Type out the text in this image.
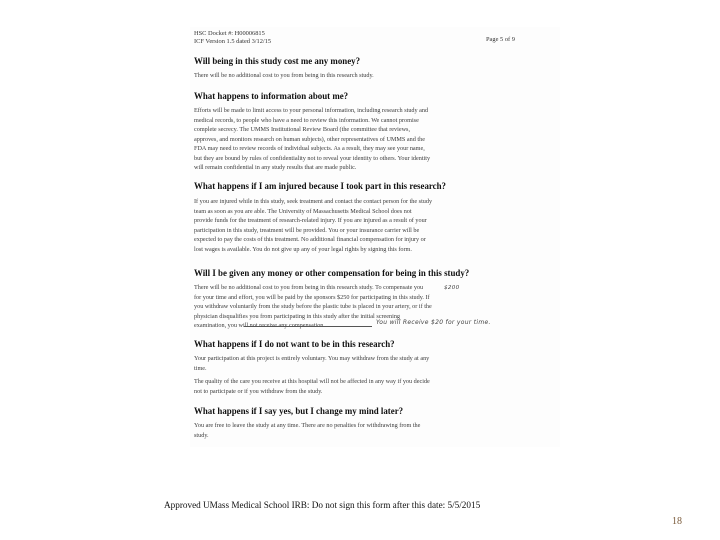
HSC Docket #: H00006815
ICF Version 1.5 dated 3/12/15	Page 5 of 9
Will being in this study cost me any money?
There will be no additional cost to you from being in this research study.
What happens to information about me?
Efforts will be made to limit access to your personal information, including research study and
medical records, to people who have a need to review this information. We cannot promise
complete secrecy. The UMMS Institutional Review Board (the committee that reviews,
approves, and monitors research on human subjects), other representatives of UMMS and the
FDA may need to review records of individual subjects. As a result, they may see your name,
but they are bound by rules of confidentiality not to reveal your identity to others. Your identity
will remain confidential in any study results that are made public.
What happens if I am injured because I took part in this research?
If you are injured while in this study, seek treatment and contact the contact person for the study
team as soon as you are able. The University of Massachusetts Medical School does not
provide funds for the treatment of research-related injury. If you are injured as a result of your
participation in this study, treatment will be provided. You or your insurance carrier will be
expected to pay the costs of this treatment. No additional financial compensation for injury or
lost wages is available. You do not give up any of your legal rights by signing this form.
Will I be given any money or other compensation for being in this study?
There will be no additional cost to you from being in this research study. To compensate you
for your time and effort, you will be paid by the sponsors $250 for participating in this study. If
you withdraw voluntarily from the study before the plastic tube is placed in your artery, or if the
physician disqualifies you from participating in this study after the initial screening
examination, you will not receive any compensation.
$200
You will Receive $20 for your time.
What happens if I do not want to be in this research?
Your participation at this project is entirely voluntary. You may withdraw from the study at any
time.
The quality of the care you receive at this hospital will not be affected in any way if you decide
not to participate or if you withdraw from the study.
What happens if I say yes, but I change my mind later?
You are free to leave the study at any time. There are no penalties for withdrawing from the
study.
Approved UMass Medical School IRB: Do not sign this form after this date: 5/5/2015
18
